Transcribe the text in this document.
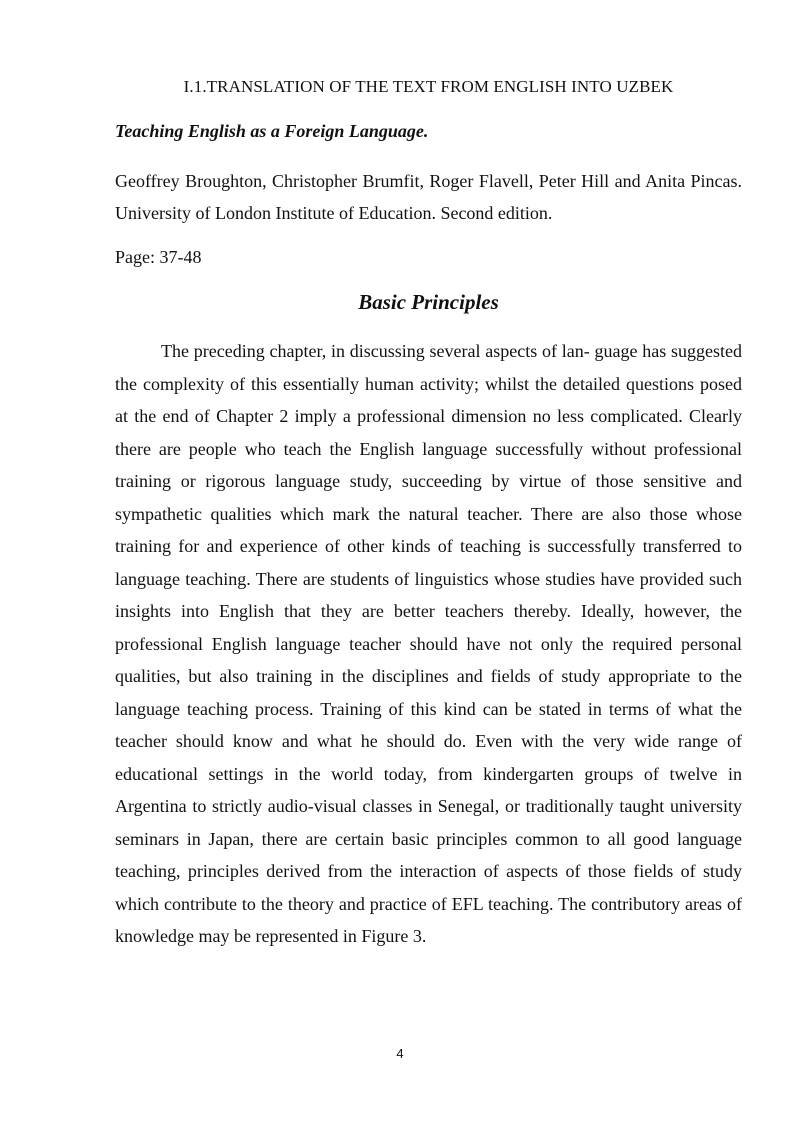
I.1.TRANSLATION OF THE TEXT FROM ENGLISH INTO UZBEK

Teaching English as a Foreign Language.

Geoffrey Broughton, Christopher Brumfit, Roger Flavell, Peter Hill and Anita Pincas. University of London Institute of Education. Second edition.

Page: 37-48

Basic Principles

The preceding chapter, in discussing several aspects of lan- guage has suggested the complexity of this essentially human activity; whilst the detailed questions posed at the end of Chapter 2 imply a professional dimension no less complicated. Clearly there are people who teach the English language successfully without professional training or rigorous language study, succeeding by virtue of those sensitive and sympathetic qualities which mark the natural teacher. There are also those whose training for and experience of other kinds of teaching is successfully transferred to language teaching. There are students of linguistics whose studies have provided such insights into English that they are better teachers thereby. Ideally, however, the professional English language teacher should have not only the required personal qualities, but also training in the disciplines and fields of study appropriate to the language teaching process. Training of this kind can be stated in terms of what the teacher should know and what he should do. Even with the very wide range of educational settings in the world today, from kindergarten groups of twelve in Argentina to strictly audio-visual classes in Senegal, or traditionally taught university seminars in Japan, there are certain basic principles common to all good language teaching, principles derived from the interaction of aspects of those fields of study which contribute to the theory and practice of EFL teaching. The contributory areas of knowledge may be represented in Figure 3.

4
